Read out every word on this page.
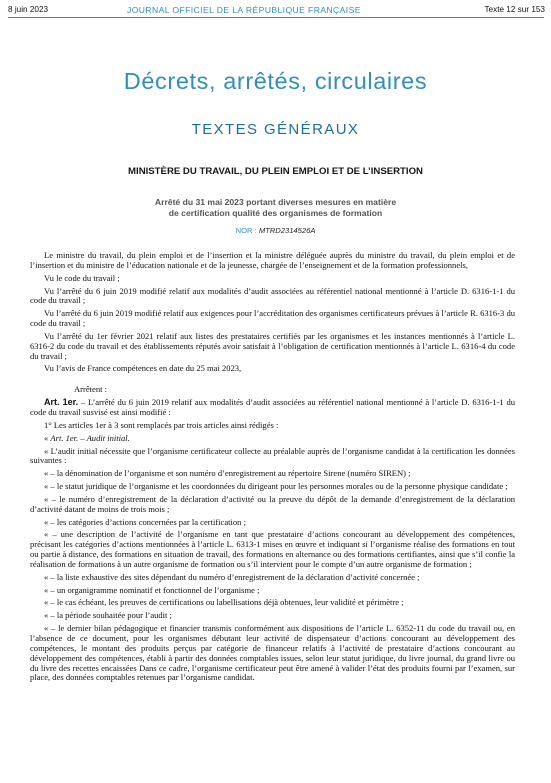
8 juin 2023	JOURNAL OFFICIEL DE LA RÉPUBLIQUE FRANÇAISE	Texte 12 sur 153
Décrets, arrêtés, circulaires
TEXTES GÉNÉRAUX
MINISTÈRE DU TRAVAIL, DU PLEIN EMPLOI ET DE L’INSERTION
Arrêté du 31 mai 2023 portant diverses mesures en matière
de certification qualité des organismes de formation
NOR : MTRD2314526A

Le ministre du travail, du plein emploi et de l’insertion et la ministre déléguée auprès du ministre du travail, du plein emploi et de l’insertion et du ministre de l’éducation nationale et de la jeunesse, chargée de l’enseignement et de la formation professionnels,

Vu le code du travail ;

Vu l’arrêté du 6 juin 2019 modifié relatif aux modalités d’audit associées au référentiel national mentionné à l’article D. 6316-1-1 du code du travail ;

Vu l’arrêté du 6 juin 2019 modifié relatif aux exigences pour l’accréditation des organismes certificateurs prévues à l’article R. 6316-3 du code du travail ;

Vu l’arrêté du 1er février 2021 relatif aux listes des prestataires certifiés par les organismes et les instances mentionnés à l’article L. 6316-2 du code du travail et des établissements réputés avoir satisfait à l’obligation de certification mentionnés à l’article L. 6316-4 du code du travail ;

Vu l’avis de France compétences en date du 25 mai 2023,

Arrêtent :

Art. 1er. – L’arrêté du 6 juin 2019 relatif aux modalités d’audit associées au référentiel national mentionné à l’article D. 6316-1-1 du code du travail susvisé est ainsi modifié :

1° Les articles 1er à 3 sont remplacés par trois articles ainsi rédigés :

« Art. 1er. – Audit initial.

« L’audit initial nécessite que l’organisme certificateur collecte au préalable auprès de l’organisme candidat à la certification les données suivantes :

« – la dénomination de l’organisme et son numéro d’enregistrement au répertoire Sirene (numéro SIREN) ;

« – le statut juridique de l’organisme et les coordonnées du dirigeant pour les personnes morales ou de la personne physique candidate ;

« – le numéro d’enregistrement de la déclaration d’activité ou la preuve du dépôt de la demande d’enregistrement de la déclaration d’activité datant de moins de trois mois ;

« – les catégories d’actions concernées par la certification ;

« – une description de l’activité de l’organisme en tant que prestataire d’actions concourant au développement des compétences, précisant les catégories d’actions mentionnées à l’article L. 6313-1 mises en œuvre et indiquant si l’organisme réalise des formations en tout ou partie à distance, des formations en situation de travail, des formations en alternance ou des formations certifiantes, ainsi que s’il confie la réalisation de formations à un autre organisme de formation ou s’il intervient pour le compte d’un autre organisme de formation ;

« – la liste exhaustive des sites dépendant du numéro d’enregistrement de la déclaration d’activité concernée ;

« – un organigramme nominatif et fonctionnel de l’organisme ;

« – le cas échéant, les preuves de certifications ou labellisations déjà obtenues, leur validité et périmètre ;

« – la période souhaitée pour l’audit ;

« – le dernier bilan pédagogique et financier transmis conformément aux dispositions de l’article L. 6352-11 du code du travail ou, en l’absence de ce document, pour les organismes débutant leur activité de dispensateur d’actions concourant au développement des compétences, le montant des produits perçus par catégorie de financeur relatifs à l’activité de prestataire d’actions concourant au développement des compétences, établi à partir des données comptables issues, selon leur statut juridique, du livre journal, du grand livre ou du livre des recettes encaissées Dans ce cadre, l’organisme certificateur peut être amené à valider l’état des produits fourni par l’examen, sur place, des données comptables retenues par l’organisme candidat.
